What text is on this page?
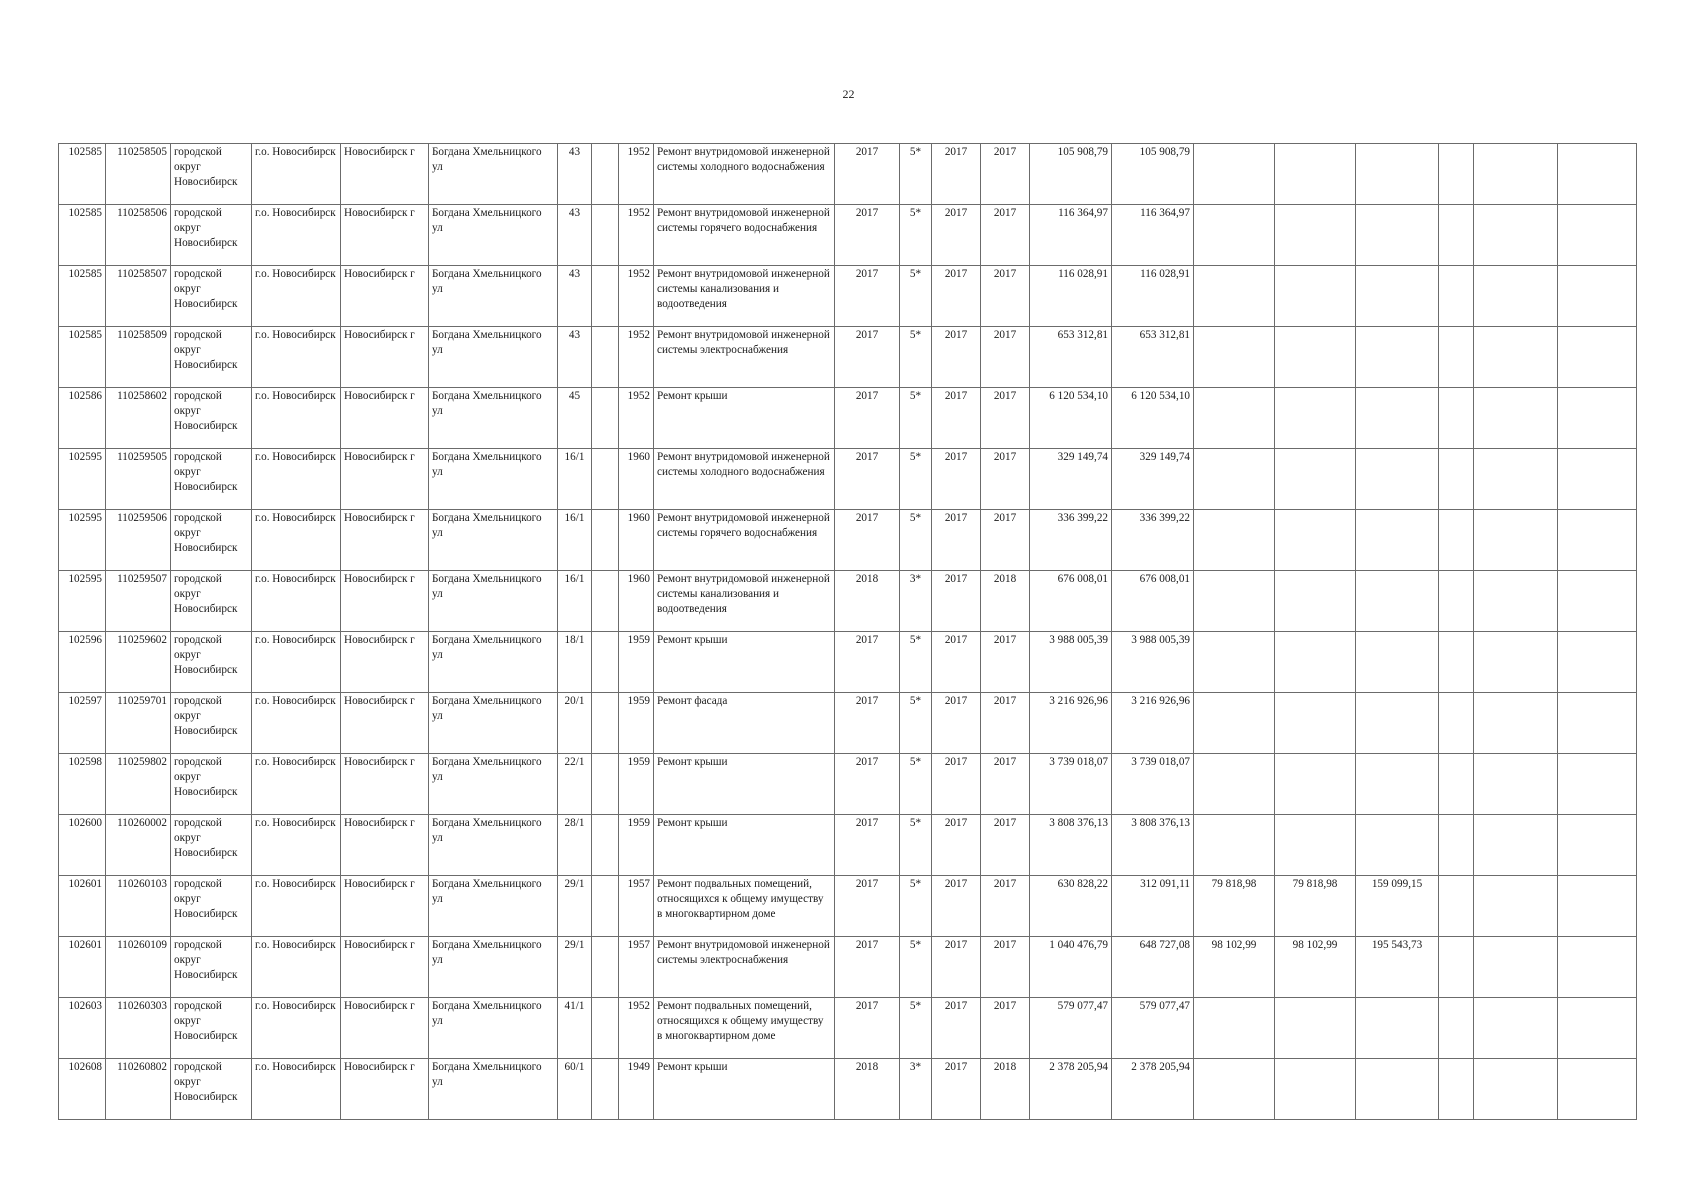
22
102585	110258505	городской округ Новосибирск	г.о. Новосибирск	Новосибирск г	Богдана Хмельницкого ул	43		1952	Ремонт внутридомовой инженерной системы холодного водоснабжения	2017	5*	2017	2017	105 908,79	105 908,79						
102585	110258506	городской округ Новосибирск	г.о. Новосибирск	Новосибирск г	Богдана Хмельницкого ул	43		1952	Ремонт внутридомовой инженерной системы горячего водоснабжения	2017	5*	2017	2017	116 364,97	116 364,97						
102585	110258507	городской округ Новосибирск	г.о. Новосибирск	Новосибирск г	Богдана Хмельницкого ул	43		1952	Ремонт внутридомовой инженерной системы канализования и водоотведения	2017	5*	2017	2017	116 028,91	116 028,91						
102585	110258509	городской округ Новосибирск	г.о. Новосибирск	Новосибирск г	Богдана Хмельницкого ул	43		1952	Ремонт внутридомовой инженерной системы электроснабжения	2017	5*	2017	2017	653 312,81	653 312,81						
102586	110258602	городской округ Новосибирск	г.о. Новосибирск	Новосибирск г	Богдана Хмельницкого ул	45		1952	Ремонт крыши	2017	5*	2017	2017	6 120 534,10	6 120 534,10						
102595	110259505	городской округ Новосибирск	г.о. Новосибирск	Новосибирск г	Богдана Хмельницкого ул	16/1		1960	Ремонт внутридомовой инженерной системы холодного водоснабжения	2017	5*	2017	2017	329 149,74	329 149,74						
102595	110259506	городской округ Новосибирск	г.о. Новосибирск	Новосибирск г	Богдана Хмельницкого ул	16/1		1960	Ремонт внутридомовой инженерной системы горячего водоснабжения	2017	5*	2017	2017	336 399,22	336 399,22						
102595	110259507	городской округ Новосибирск	г.о. Новосибирск	Новосибирск г	Богдана Хмельницкого ул	16/1		1960	Ремонт внутридомовой инженерной системы канализования и водоотведения	2018	3*	2017	2018	676 008,01	676 008,01						
102596	110259602	городской округ Новосибирск	г.о. Новосибирск	Новосибирск г	Богдана Хмельницкого ул	18/1		1959	Ремонт крыши	2017	5*	2017	2017	3 988 005,39	3 988 005,39						
102597	110259701	городской округ Новосибирск	г.о. Новосибирск	Новосибирск г	Богдана Хмельницкого ул	20/1		1959	Ремонт фасада	2017	5*	2017	2017	3 216 926,96	3 216 926,96						
102598	110259802	городской округ Новосибирск	г.о. Новосибирск	Новосибирск г	Богдана Хмельницкого ул	22/1		1959	Ремонт крыши	2017	5*	2017	2017	3 739 018,07	3 739 018,07						
102600	110260002	городской округ Новосибирск	г.о. Новосибирск	Новосибирск г	Богдана Хмельницкого ул	28/1		1959	Ремонт крыши	2017	5*	2017	2017	3 808 376,13	3 808 376,13						
102601	110260103	городской округ Новосибирск	г.о. Новосибирск	Новосибирск г	Богдана Хмельницкого ул	29/1		1957	Ремонт подвальных помещений, относящихся к общему имуществу в многоквартирном доме	2017	5*	2017	2017	630 828,22	312 091,11	79 818,98	79 818,98	159 099,15			
102601	110260109	городской округ Новосибирск	г.о. Новосибирск	Новосибирск г	Богдана Хмельницкого ул	29/1		1957	Ремонт внутридомовой инженерной системы электроснабжения	2017	5*	2017	2017	1 040 476,79	648 727,08	98 102,99	98 102,99	195 543,73			
102603	110260303	городской округ Новосибирск	г.о. Новосибирск	Новосибирск г	Богдана Хмельницкого ул	41/1		1952	Ремонт подвальных помещений, относящихся к общему имуществу в многоквартирном доме	2017	5*	2017	2017	579 077,47	579 077,47						
102608	110260802	городской округ Новосибирск	г.о. Новосибирск	Новосибирск г	Богдана Хмельницкого ул	60/1		1949	Ремонт крыши	2018	3*	2017	2018	2 378 205,94	2 378 205,94						
